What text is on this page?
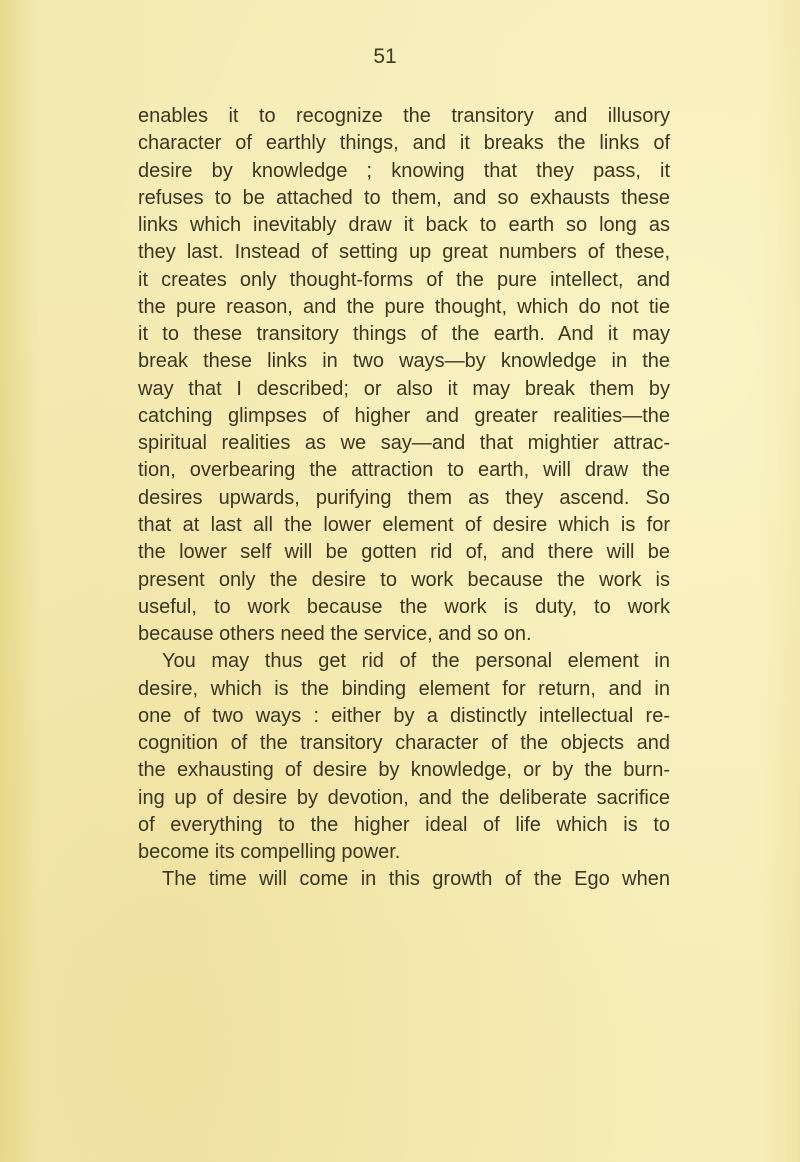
51
enables it to recognize the transitory and illusory
character of earthly things, and it breaks the links of
desire by knowledge ; knowing that they pass, it
refuses to be attached to them, and so exhausts these
links which inevitably draw it back to earth so long as
they last. Instead of setting up great numbers of these,
it creates only thought-forms of the pure intellect, and
the pure reason, and the pure thought, which do not tie
it to these transitory things of the earth. And it may
break these links in two ways—by knowledge in the
way that I described; or also it may break them by
catching glimpses of higher and greater realities—the
spiritual realities as we say—and that mightier attrac-
tion, overbearing the attraction to earth, will draw the
desires upwards, purifying them as they ascend. So
that at last all the lower element of desire which is for
the lower self will be gotten rid of, and there will be
present only the desire to work because the work is
useful, to work because the work is duty, to work
because others need the service, and so on.
You may thus get rid of the personal element in
desire, which is the binding element for return, and in
one of two ways : either by a distinctly intellectual re-
cognition of the transitory character of the objects and
the exhausting of desire by knowledge, or by the burn-
ing up of desire by devotion, and the deliberate sacrifice
of everything to the higher ideal of life which is to
become its compelling power.
The time will come in this growth of the Ego when
